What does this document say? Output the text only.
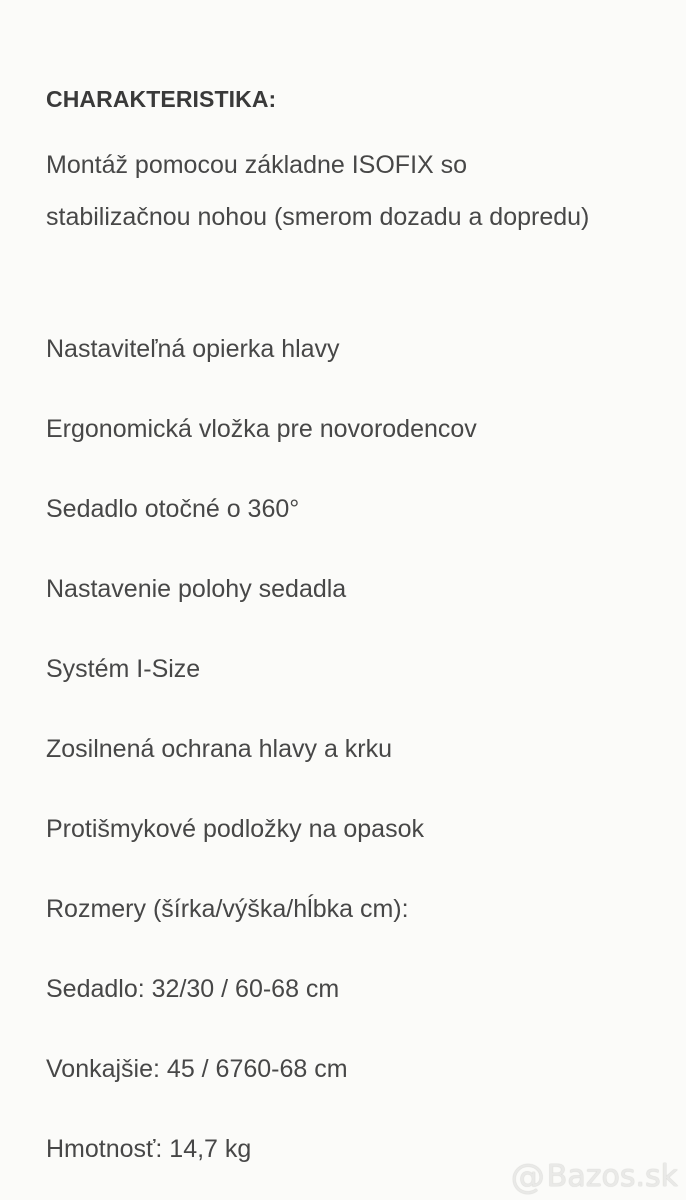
CHARAKTERISTIKA:
Montáž pomocou základne ISOFIX so stabilizačnou nohou (smerom dozadu a dopredu)
Nastaviteľná opierka hlavy
Ergonomická vložka pre novorodencov
Sedadlo otočné o 360°
Nastavenie polohy sedadla
Systém I-Size
Zosilnená ochrana hlavy a krku
Protišmykové podložky na opasok
Rozmery (šírka/výška/hĺbka cm):
Sedadlo: 32/30 / 60-68 cm
Vonkajšie: 45 / 6760-68 cm
Hmotnosť: 14,7 kg
@ Bazos.sk
